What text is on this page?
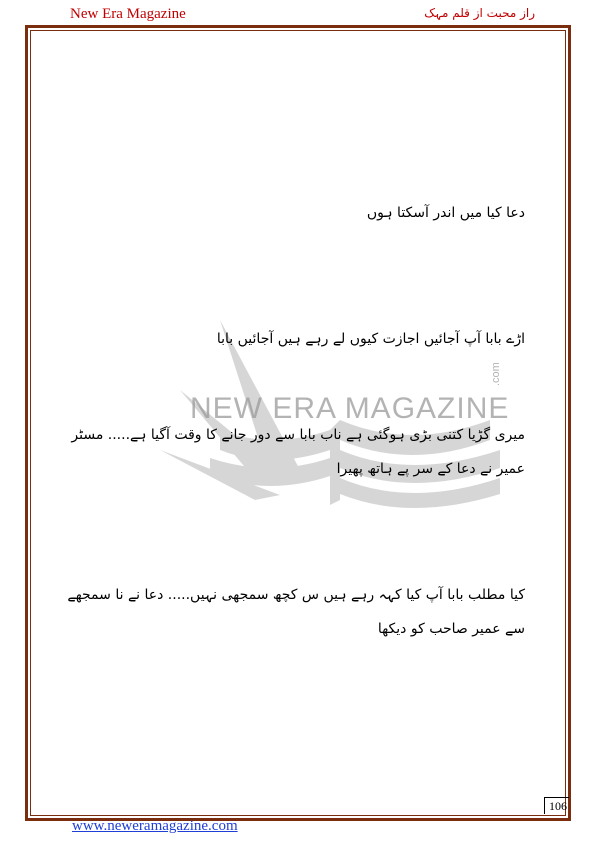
New Era Magazine	راز محبت از قلم مہک
NEW ERA MAGAZINE
.com
دعا کیا میں اندر آسکتا ہوں
اڑے بابا آپ آجائیں اجازت کیوں لے رہے ہیں آجائیں بابا
میری گڑیا کتنی بڑی ہوگئی ہے ناب بابا سے دور جانے کا وقت آگیا ہے..... مسٹر عمیر نے دعا کے سر پے ہاتھ پھیرا
کیا مطلب بابا آپ کیا کہہ رہے ہیں س کچھ سمجھی نہیں..... دعا نے نا سمجھے سے عمیر صاحب کو دیکھا
106
www.neweramagazine.com
